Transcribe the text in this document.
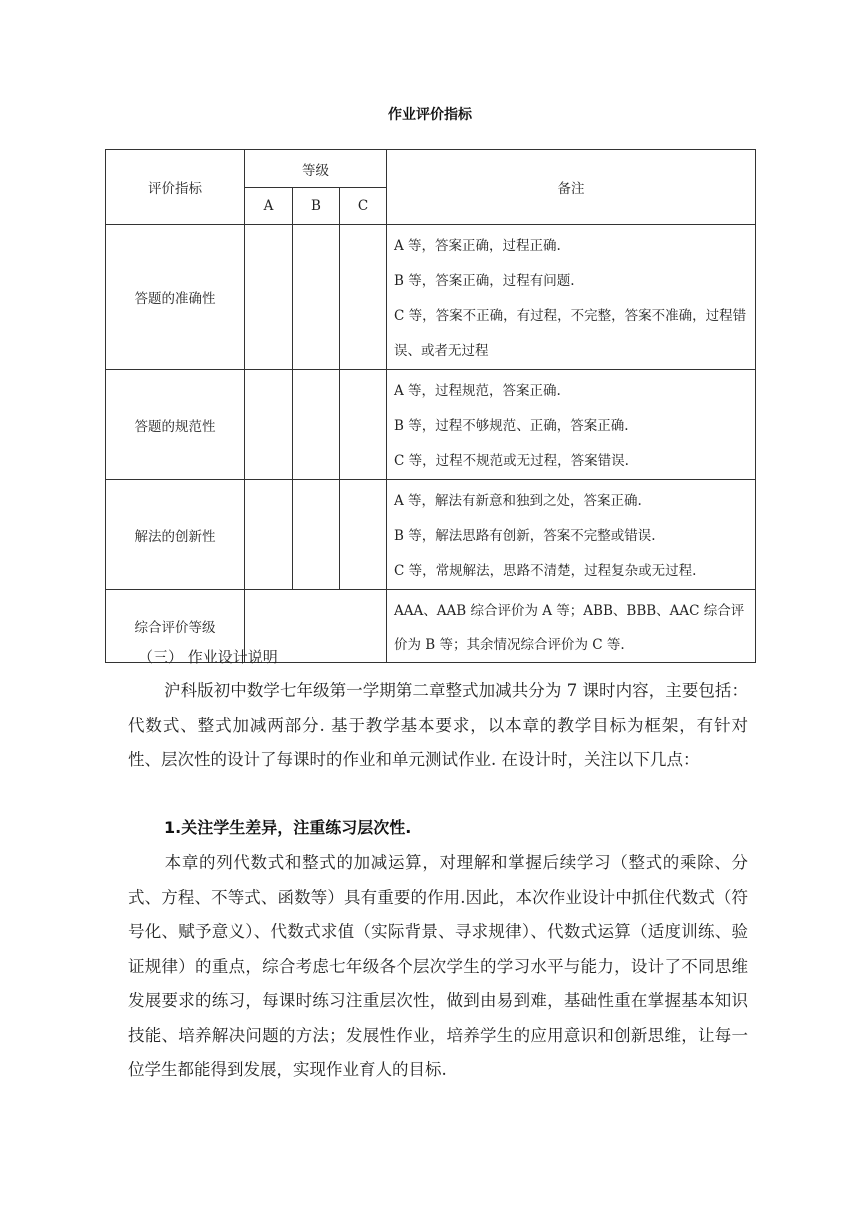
作业评价指标
评价指标	等级			备注
	A	B	C	
答题的准确性				A 等，答案正确，过程正确.
B 等，答案正确，过程有问题.
C 等，答案不正确，有过程，不完整，答案不准确，过程错误、或者无过程

答题的规范性				A 等，过程规范，答案正确.
B 等，过程不够规范、正确，答案正确.
C 等，过程不规范或无过程，答案错误.

解法的创新性				A 等，解法有新意和独到之处，答案正确.
B 等，解法思路有创新，答案不完整或错误.
C 等，常规解法，思路不清楚，过程复杂或无过程.

综合评价等级				AAA、AAB 综合评价为 A 等；ABB、BBB、AAC 综合评价为 B 等；其余情况综合评价为 C 等.
（三） 作业设计说明
沪科版初中数学七年级第一学期第二章整式加减共分为 7 课时内容，主要包括：代数式、整式加减两部分. 基于教学基本要求，以本章的教学目标为框架，有针对性、层次性的设计了每课时的作业和单元测试作业. 在设计时，关注以下几点：
1.关注学生差异，注重练习层次性.
本章的列代数式和整式的加减运算，对理解和掌握后续学习（整式的乘除、分式、方程、不等式、函数等）具有重要的作用.因此，本次作业设计中抓住代数式（符号化、赋予意义）、代数式求值（实际背景、寻求规律）、代数式运算（适度训练、验证规律）的重点，综合考虑七年级各个层次学生的学习水平与能力，设计了不同思维发展要求的练习，每课时练习注重层次性，做到由易到难，基础性重在掌握基本知识技能、培养解决问题的方法；发展性作业，培养学生的应用意识和创新思维，让每一位学生都能得到发展，实现作业育人的目标.
